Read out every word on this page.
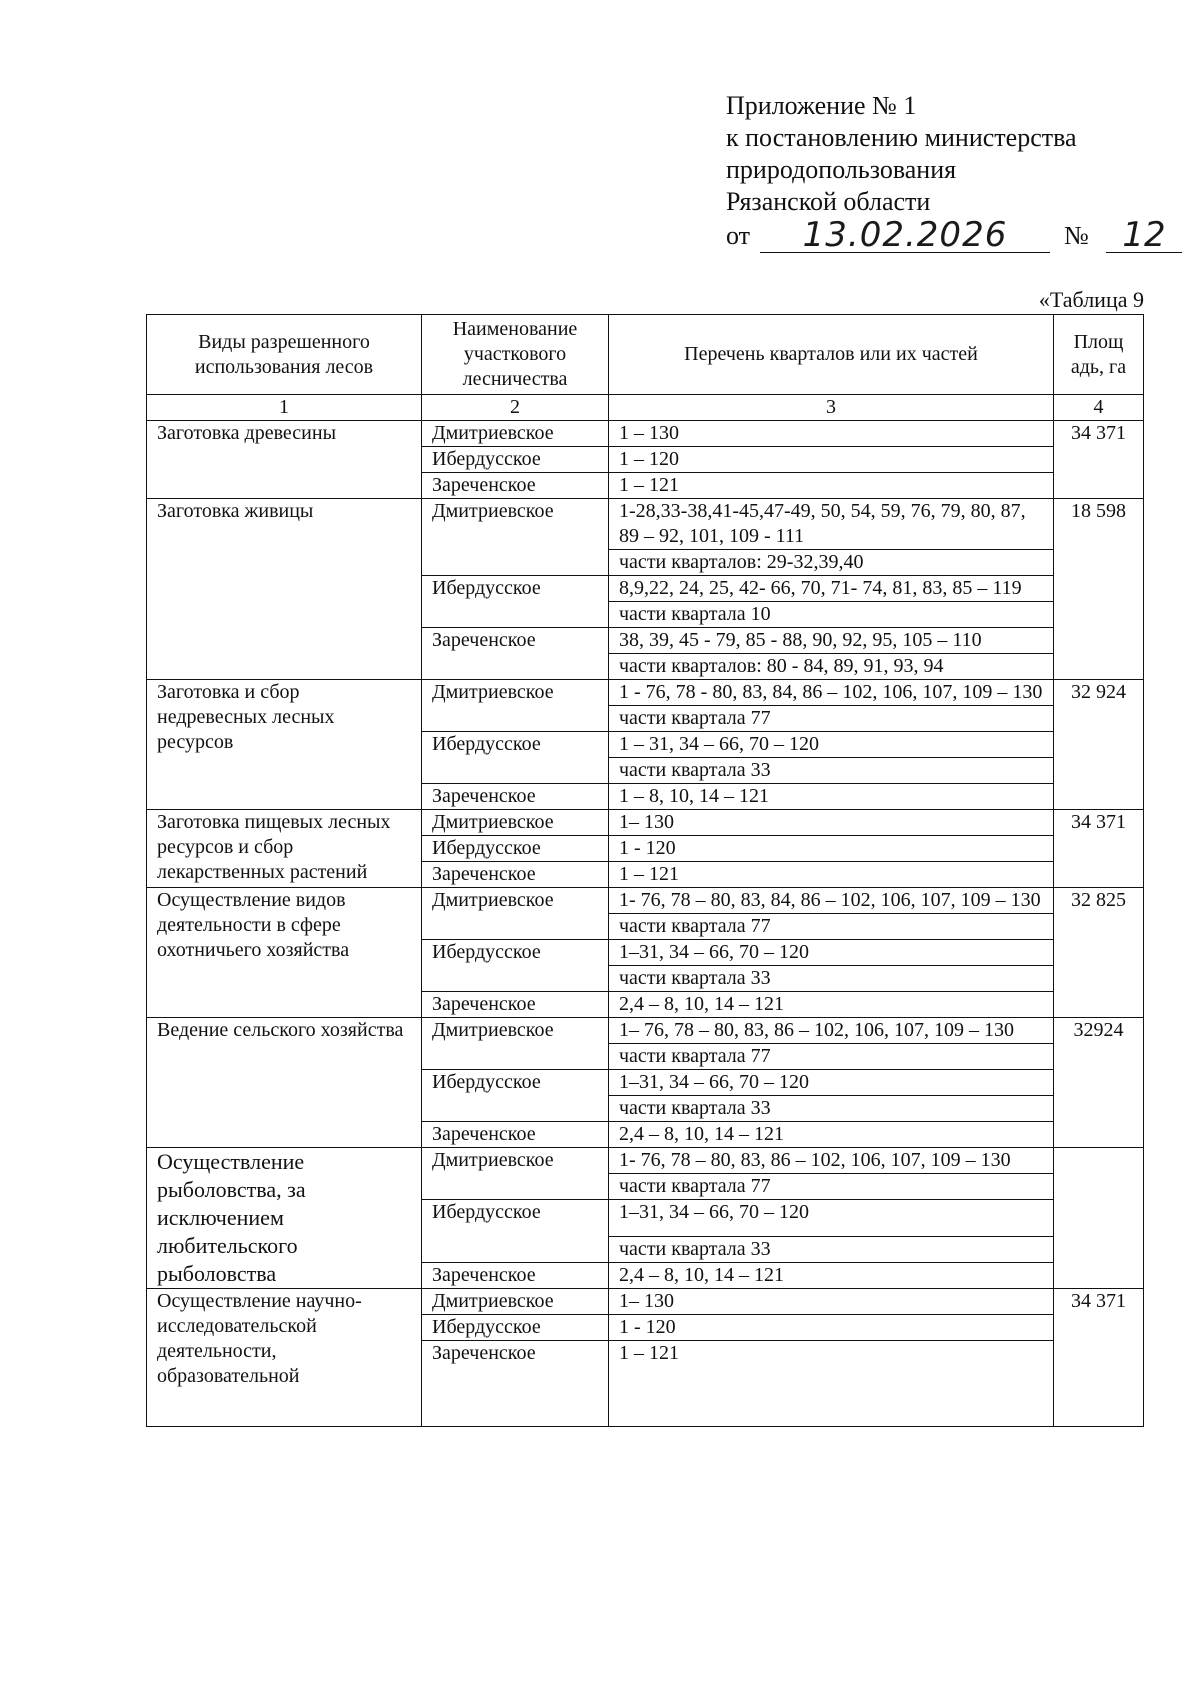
Приложение № 1
к постановлению министерства
природопользования
Рязанской области
от	13.02.2026	№ 12
«Таблица 9
Виды разрешенного использования лесов	Наименование участкового лесничества	Перечень кварталов или их частей	Площ адь, га
1	2	3	4
Заготовка древесины	Дмитриевское	1 – 130	34 371
	Ибердусское	1 – 120	
	Зареченское	1 – 121	
Заготовка живицы	Дмитриевское	1-28,33-38,41-45,47-49, 50, 54, 59, 76, 79, 80, 87, 89 – 92, 101, 109 - 111	18 598
		части кварталов: 29-32,39,40	
	Ибердусское	8,9,22, 24, 25, 42- 66, 70, 71- 74, 81, 83, 85 – 119	
		части квартала 10	
	Зареченское	38, 39, 45 - 79, 85 - 88, 90, 92, 95, 105 – 110	
		части кварталов: 80 - 84, 89, 91, 93, 94	
Заготовка и сбор недревесных лесных ресурсов	Дмитриевское	1 - 76, 78 - 80, 83, 84, 86 – 102, 106, 107, 109 – 130	32 924
		части квартала 77	
	Ибердусское	1 – 31, 34 – 66, 70 – 120	
		части квартала 33	
	Зареченское	1 – 8, 10, 14 – 121	
Заготовка пищевых лесных ресурсов и сбор лекарственных растений	Дмитриевское	1– 130	34 371
	Ибердусское	1 - 120	
	Зареченское	1 – 121	
Осуществление видов деятельности в сфере охотничьего хозяйства	Дмитриевское	1- 76, 78 – 80, 83, 84, 86 – 102, 106, 107, 109 – 130	32 825
		части квартала 77	
	Ибердусское	1–31, 34 – 66, 70 – 120	
		части квартала 33	
	Зареченское	2,4 – 8, 10, 14 – 121	
Ведение сельского хозяйства	Дмитриевское	1– 76, 78 – 80, 83, 86 – 102, 106, 107, 109 – 130	32924
		части квартала 77	
	Ибердусское	1–31, 34 – 66, 70 – 120	
		части квартала 33	
	Зареченское	2,4 – 8, 10, 14 – 121	
Осуществление рыболовства, за исключением любительского рыболовства	Дмитриевское	1- 76, 78 – 80, 83, 86 – 102, 106, 107, 109 – 130	
		части квартала 77	
	Ибердусское	1–31, 34 – 66, 70 – 120	
		части квартала 33	
	Зареченское	2,4 – 8, 10, 14 – 121	
Осуществление научно-исследовательской деятельности, образовательной	Дмитриевское	1– 130	34 371
	Ибердусское	1 - 120	
	Зареченское	1 – 121	
